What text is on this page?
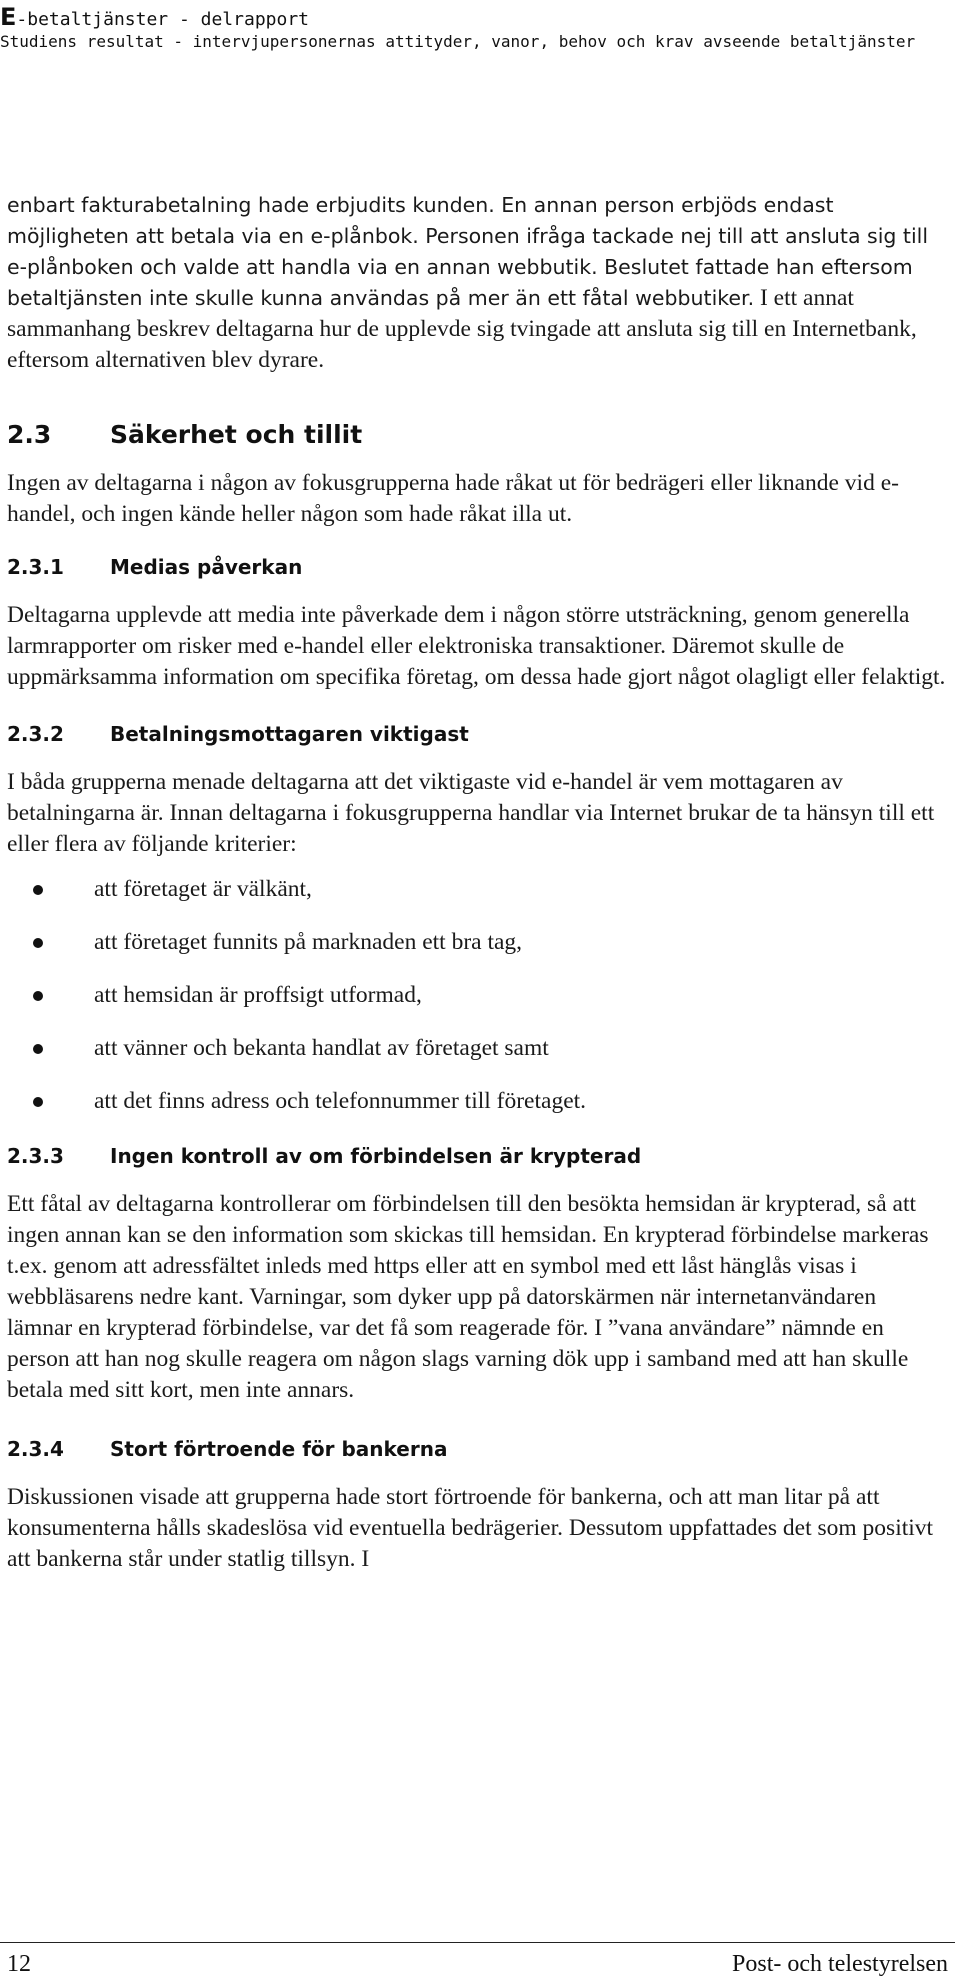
E-betaltjänster - delrapport
Studiens resultat - intervjupersonernas attityder, vanor, behov och krav avseende betaltjänster

enbart fakturabetalning hade erbjudits kunden. En annan person erbjöds endast möjligheten att betala via en e-plånbok. Personen ifråga tackade nej till att ansluta sig till e-plånboken och valde att handla via en annan webbutik. Beslutet fattade han eftersom betaltjänsten inte skulle kunna användas på mer än ett fåtal webbutiker. I ett annat sammanhang beskrev deltagarna hur de upplevde sig tvingade att ansluta sig till en Internetbank, eftersom alternativen blev dyrare.

2.3 Säkerhet och tillit

Ingen av deltagarna i någon av fokusgrupperna hade råkat ut för bedrägeri eller liknande vid e-handel, och ingen kände heller någon som hade råkat illa ut.

2.3.1 Medias påverkan

Deltagarna upplevde att media inte påverkade dem i någon större utsträckning, genom generella larmrapporter om risker med e-handel eller elektroniska transaktioner. Däremot skulle de uppmärksamma information om specifika företag, om dessa hade gjort något olagligt eller felaktigt.

2.3.2 Betalningsmottagaren viktigast

I båda grupperna menade deltagarna att det viktigaste vid e-handel är vem mottagaren av betalningarna är. Innan deltagarna i fokusgrupperna handlar via Internet brukar de ta hänsyn till ett eller flera av följande kriterier:

att företaget är välkänt,
att företaget funnits på marknaden ett bra tag,
att hemsidan är proffsigt utformad,
att vänner och bekanta handlat av företaget samt
att det finns adress och telefonnummer till företaget.
2.3.3 Ingen kontroll av om förbindelsen är krypterad

Ett fåtal av deltagarna kontrollerar om förbindelsen till den besökta hemsidan är krypterad, så att ingen annan kan se den information som skickas till hemsidan. En krypterad förbindelse markeras t.ex. genom att adressfältet inleds med https eller att en symbol med ett låst hänglås visas i webbläsarens nedre kant. Varningar, som dyker upp på datorskärmen när internetanvändaren lämnar en krypterad förbindelse, var det få som reagerade för. I ”vana användare” nämnde en person att han nog skulle reagera om någon slags varning dök upp i samband med att han skulle betala med sitt kort, men inte annars.

2.3.4 Stort förtroende för bankerna

Diskussionen visade att grupperna hade stort förtroende för bankerna, och att man litar på att konsumenterna hålls skadeslösa vid eventuella bedrägerier. Dessutom uppfattades det som positivt att bankerna står under statlig tillsyn. I

12	Post- och telestyrelsen
